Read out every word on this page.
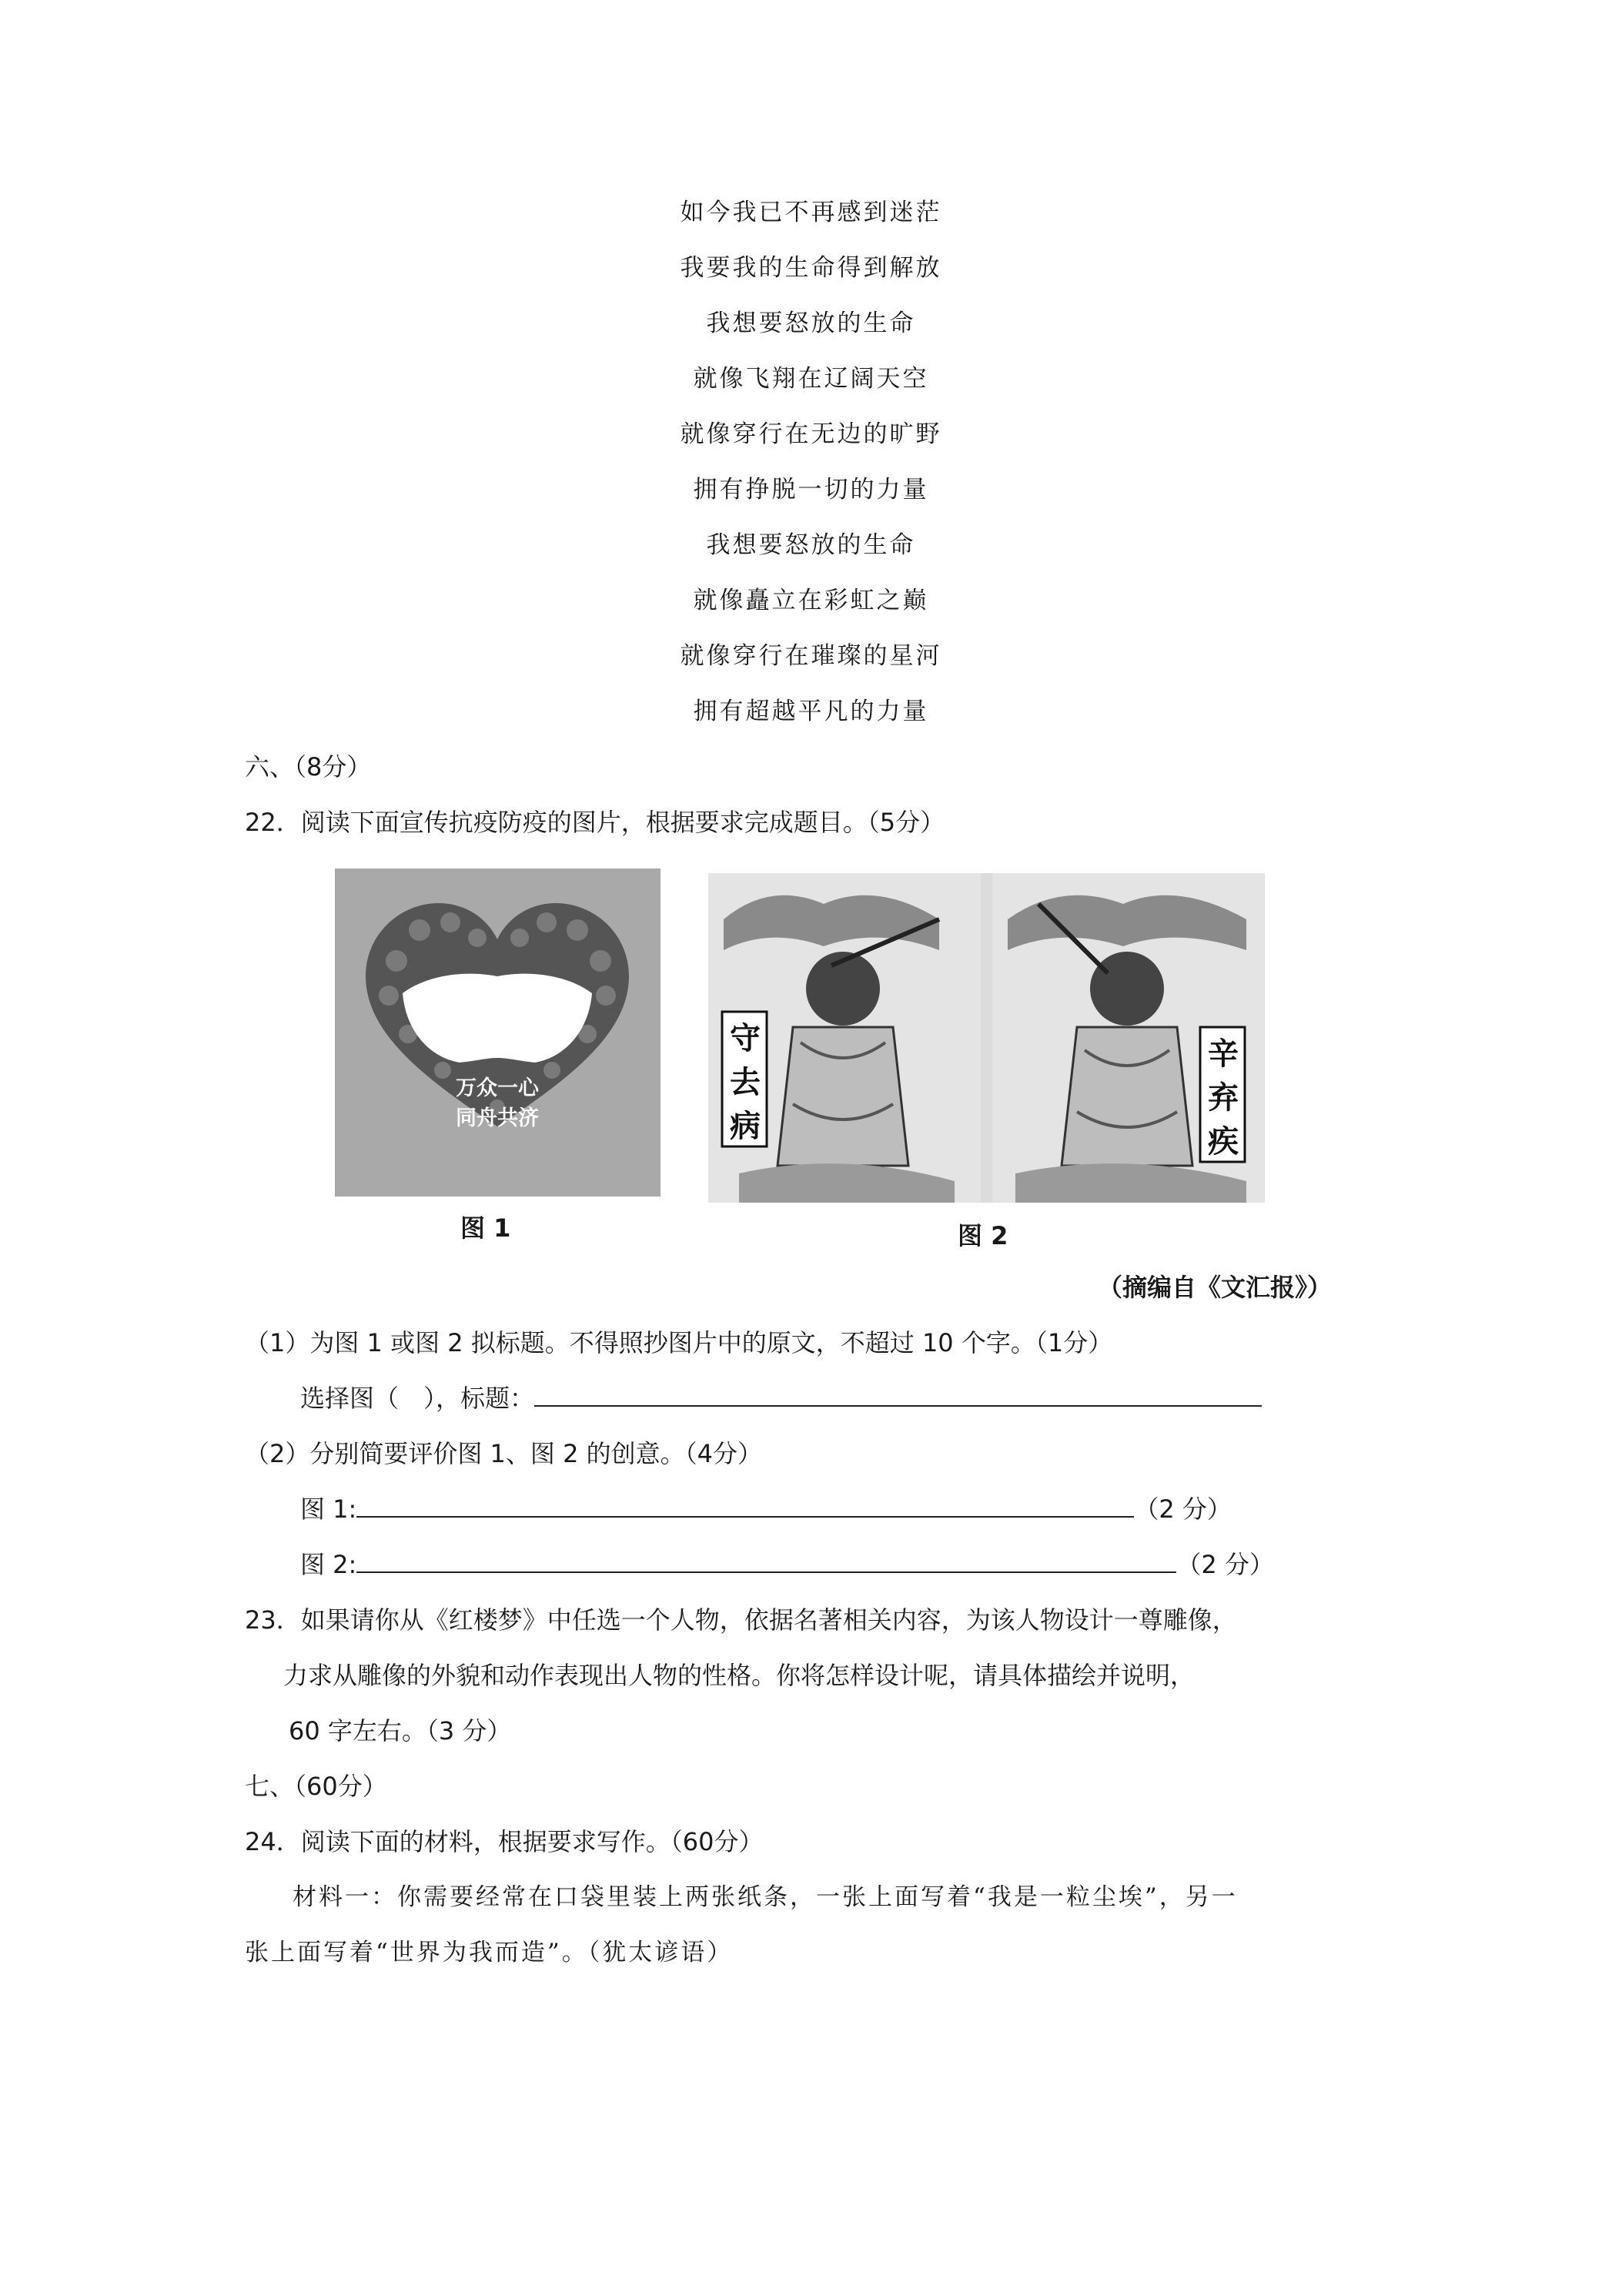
如今我已不再感到迷茫
我要我的生命得到解放
我想要怒放的生命
就像飞翔在辽阔天空
就像穿行在无边的旷野
拥有挣脱一切的力量
我想要怒放的生命
就像矗立在彩虹之巅
就像穿行在璀璨的星河
拥有超越平凡的力量
六、（8分）
22．阅读下面宣传抗疫防疫的图片，根据要求完成题目。（5分）
万众一心
同舟共济
图 1
守 去 病
辛 弃 疾
图 2
（摘编自《文汇报》）
（1）为图 1 或图 2 拟标题。不得照抄图片中的原文，不超过 10 个字。（1分）
选择图（　），标题：
（2）分别简要评价图 1、图 2 的创意。（4分）
图 1:	（2 分）
图 2:	（2 分）
23．如果请你从《红楼梦》中任选一个人物，依据名著相关内容，为该人物设计一尊雕像，
力求从雕像的外貌和动作表现出人物的性格。你将怎样设计呢，请具体描绘并说明，
60 字左右。（3 分）
七、（60分）
24．阅读下面的材料，根据要求写作。（60分）
材料一：你需要经常在口袋里装上两张纸条，一张上面写着“我是一粒尘埃”，另一
张上面写着“世界为我而造”。（犹太谚语）
